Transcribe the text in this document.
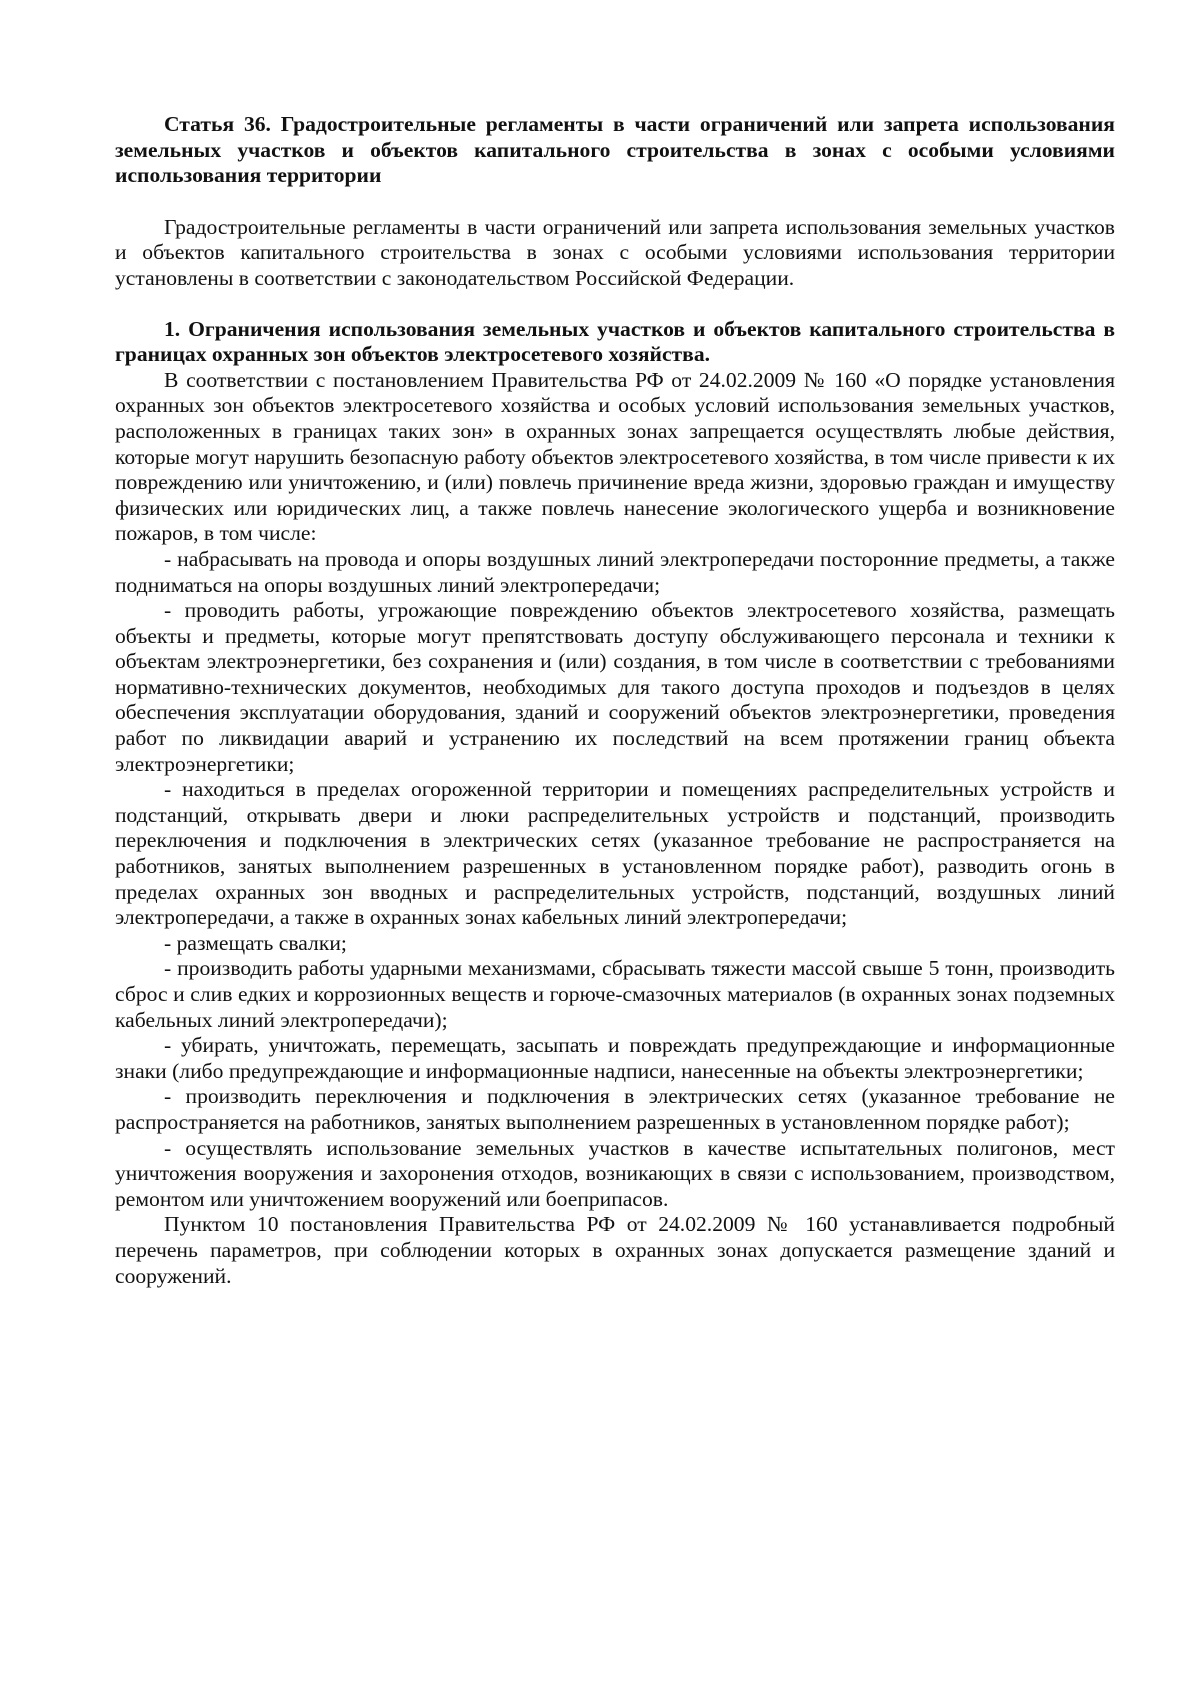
Статья 36. Градостроительные регламенты в части ограничений или запрета использования земельных участков и объектов капитального строительства в зонах с особыми условиями использования территории

Градостроительные регламенты в части ограничений или запрета использования земельных участков и объектов капитального строительства в зонах с особыми условиями использования территории установлены в соответствии с законодательством Российской Федерации.

1. Ограничения использования земельных участков и объектов капитального строительства в границах охранных зон объектов электросетевого хозяйства.

В соответствии с постановлением Правительства РФ от 24.02.2009 № 160 «О порядке установления охранных зон объектов электросетевого хозяйства и особых условий использования земельных участков, расположенных в границах таких зон» в охранных зонах запрещается осуществлять любые действия, которые могут нарушить безопасную работу объектов электросетевого хозяйства, в том числе привести к их повреждению или уничтожению, и (или) повлечь причинение вреда жизни, здоровью граждан и имуществу физических или юридических лиц, а также повлечь нанесение экологического ущерба и возникновение пожаров, в том числе:

- набрасывать на провода и опоры воздушных линий электропередачи посторонние предметы, а также подниматься на опоры воздушных линий электропередачи;

- проводить работы, угрожающие повреждению объектов электросетевого хозяйства, размещать объекты и предметы, которые могут препятствовать доступу обслуживающего персонала и техники к объектам электроэнергетики, без сохранения и (или) создания, в том числе в соответствии с требованиями нормативно-технических документов, необходимых для такого доступа проходов и подъездов в целях обеспечения эксплуатации оборудования, зданий и сооружений объектов электроэнергетики, проведения работ по ликвидации аварий и устранению их последствий на всем протяжении границ объекта электроэнергетики;

- находиться в пределах огороженной территории и помещениях распределительных устройств и подстанций, открывать двери и люки распределительных устройств и подстанций, производить переключения и подключения в электрических сетях (указанное требование не распространяется на работников, занятых выполнением разрешенных в установленном порядке работ), разводить огонь в пределах охранных зон вводных и распределительных устройств, подстанций, воздушных линий электропередачи, а также в охранных зонах кабельных линий электропередачи;

- размещать свалки;

- производить работы ударными механизмами, сбрасывать тяжести массой свыше 5 тонн, производить сброс и слив едких и коррозионных веществ и горюче-смазочных материалов (в охранных зонах подземных кабельных линий электропередачи);

- убирать, уничтожать, перемещать, засыпать и повреждать предупреждающие и информационные знаки (либо предупреждающие и информационные надписи, нанесенные на объекты электроэнергетики;

- производить переключения и подключения в электрических сетях (указанное требование не распространяется на работников, занятых выполнением разрешенных в установленном порядке работ);

- осуществлять использование земельных участков в качестве испытательных полигонов, мест уничтожения вооружения и захоронения отходов, возникающих в связи с использованием, производством, ремонтом или уничтожением вооружений или боеприпасов.

Пунктом 10 постановления Правительства РФ от 24.02.2009 № 160 устанавливается подробный перечень параметров, при соблюдении которых в охранных зонах допускается размещение зданий и сооружений.
